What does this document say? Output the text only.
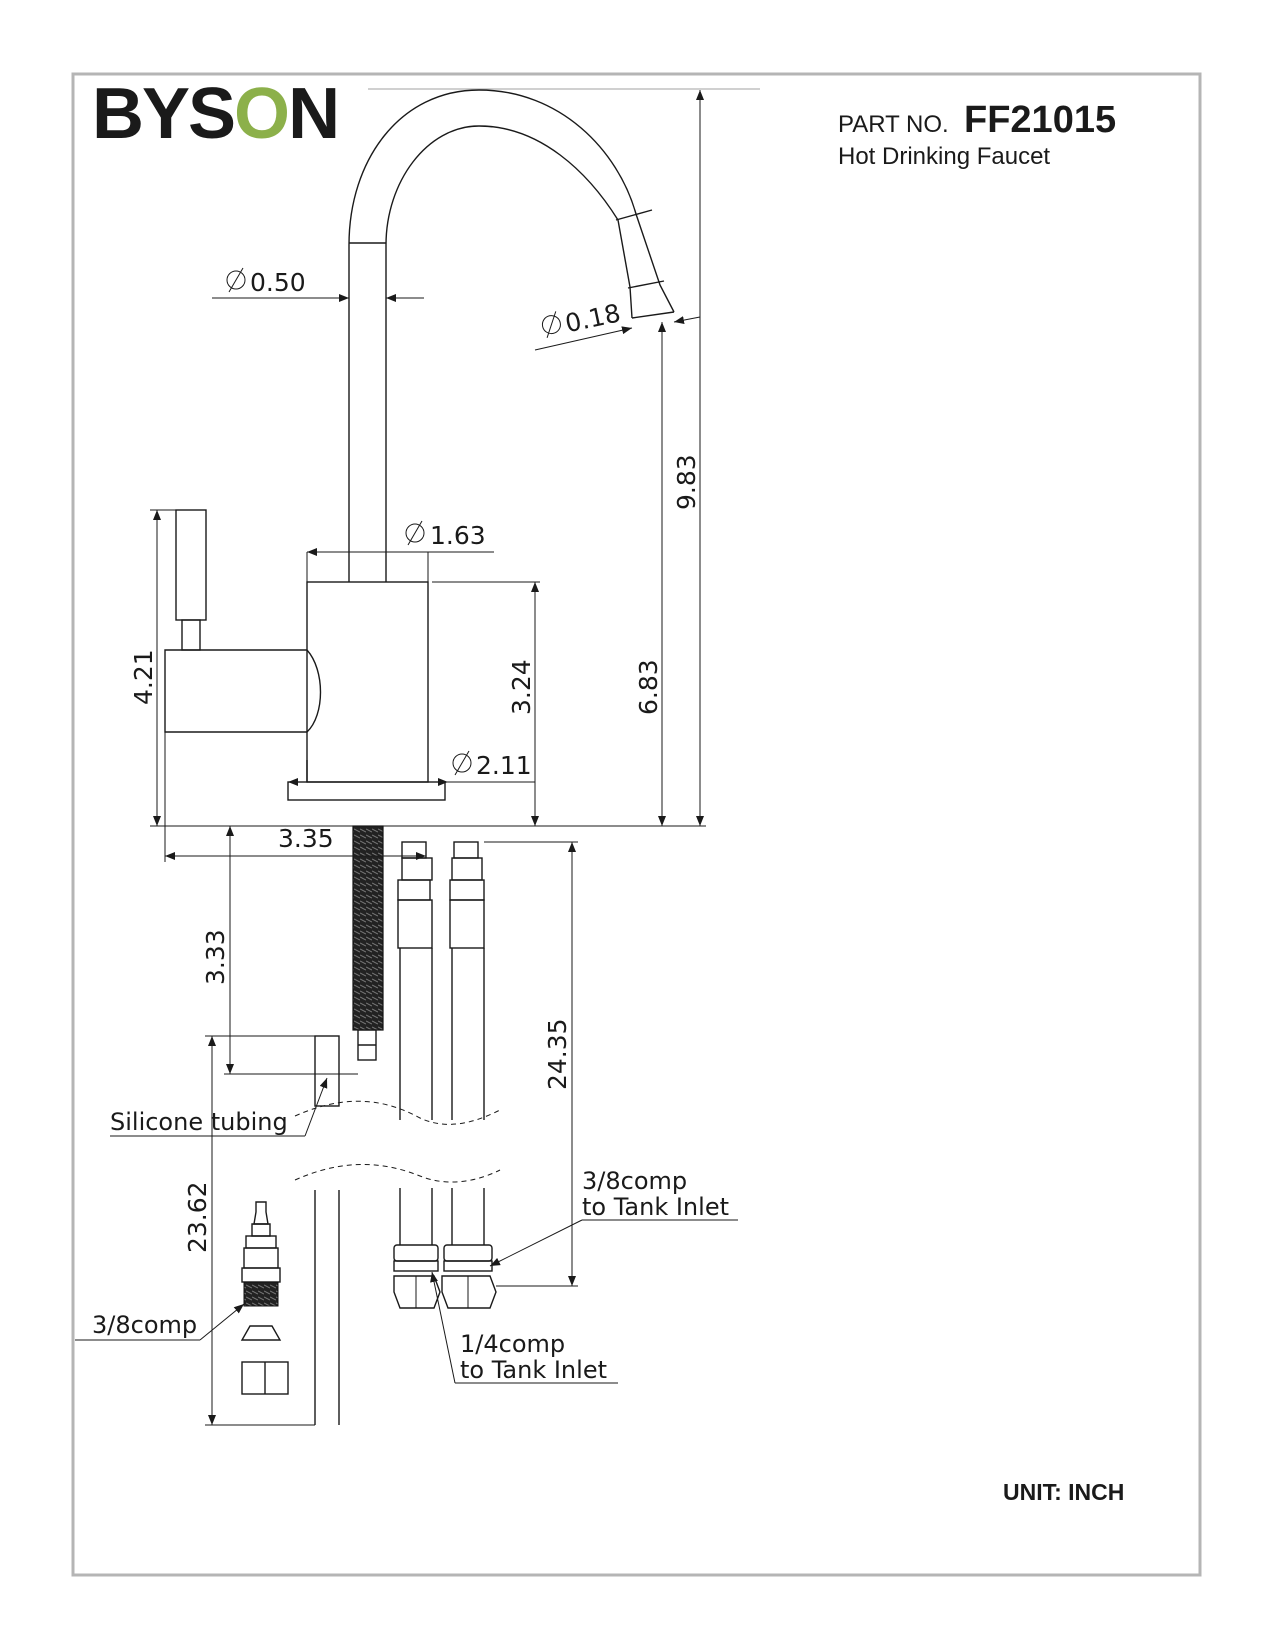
BYSON	PART NO. FF21015
Hot Drinking Faucet
UNIT: INCH
0.50
0.18
1.63
2.11
9.83
6.83
3.24
4.21
3.35
3.33
24.35
23.62
Silicone tubing
3/8comp
3/8comp
to Tank Inlet
1/4comp
to Tank Inlet
